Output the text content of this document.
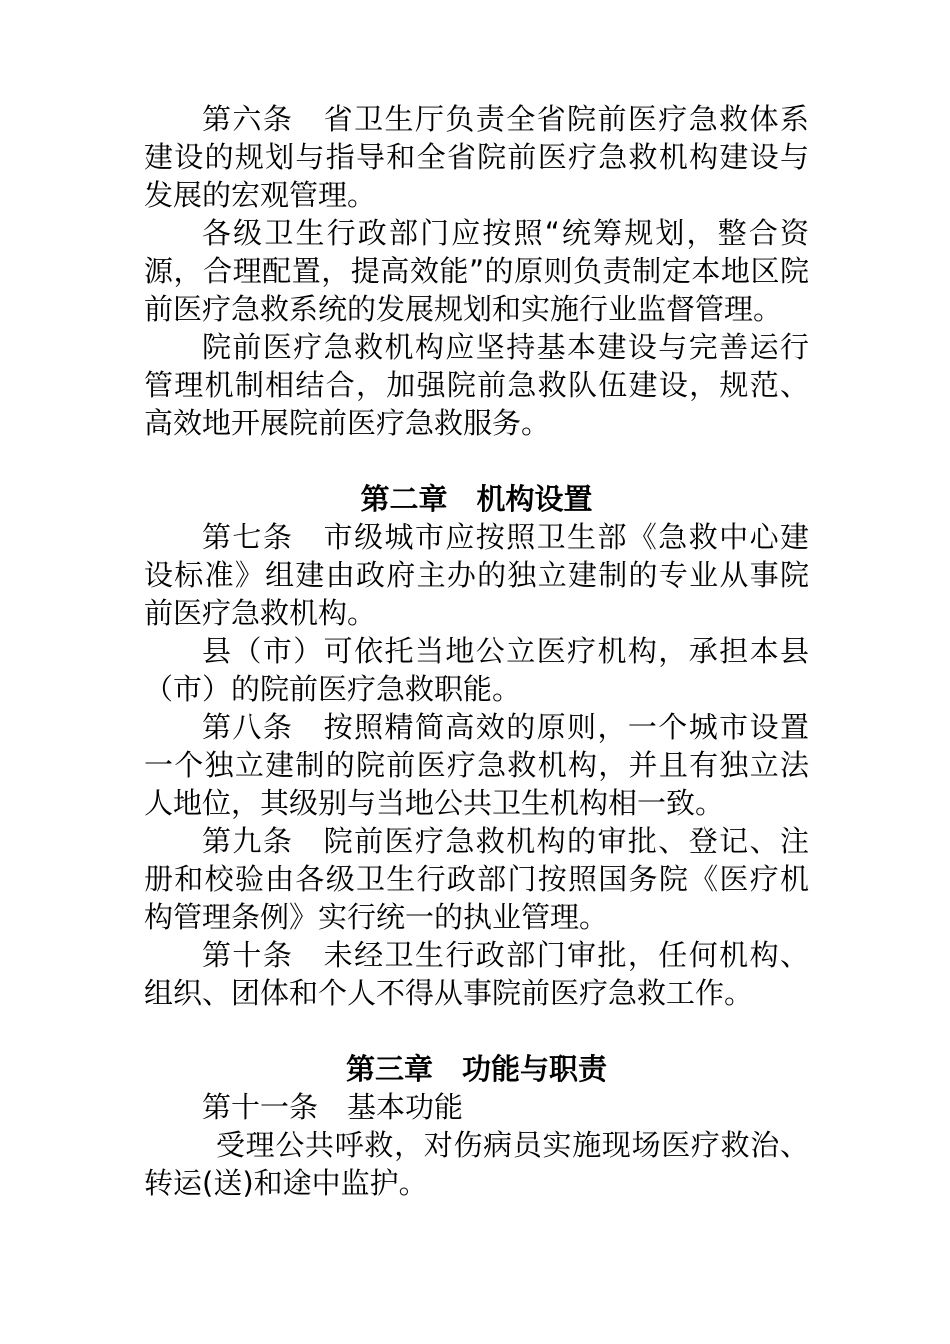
第六条　省卫生厅负责全省院前医疗急救体系建设的规划与指导和全省院前医疗急救机构建设与发展的宏观管理。

各级卫生行政部门应按照“统筹规划，整合资源，合理配置，提高效能”的原则负责制定本地区院前医疗急救系统的发展规划和实施行业监督管理。

院前医疗急救机构应坚持基本建设与完善运行管理机制相结合，加强院前急救队伍建设，规范、高效地开展院前医疗急救服务。

第二章　机构设置

第七条　市级城市应按照卫生部《急救中心建设标准》组建由政府主办的独立建制的专业从事院前医疗急救机构。

县（市）可依托当地公立医疗机构，承担本县（市）的院前医疗急救职能。

第八条　按照精简高效的原则，一个城市设置一个独立建制的院前医疗急救机构，并且有独立法人地位，其级别与当地公共卫生机构相一致。

第九条　院前医疗急救机构的审批、登记、注册和校验由各级卫生行政部门按照国务院《医疗机构管理条例》实行统一的执业管理。

第十条　未经卫生行政部门审批，任何机构、组织、团体和个人不得从事院前医疗急救工作。

第三章　功能与职责

第十一条　基本功能

受理公共呼救，对伤病员实施现场医疗救治、转运(送)和途中监护。
